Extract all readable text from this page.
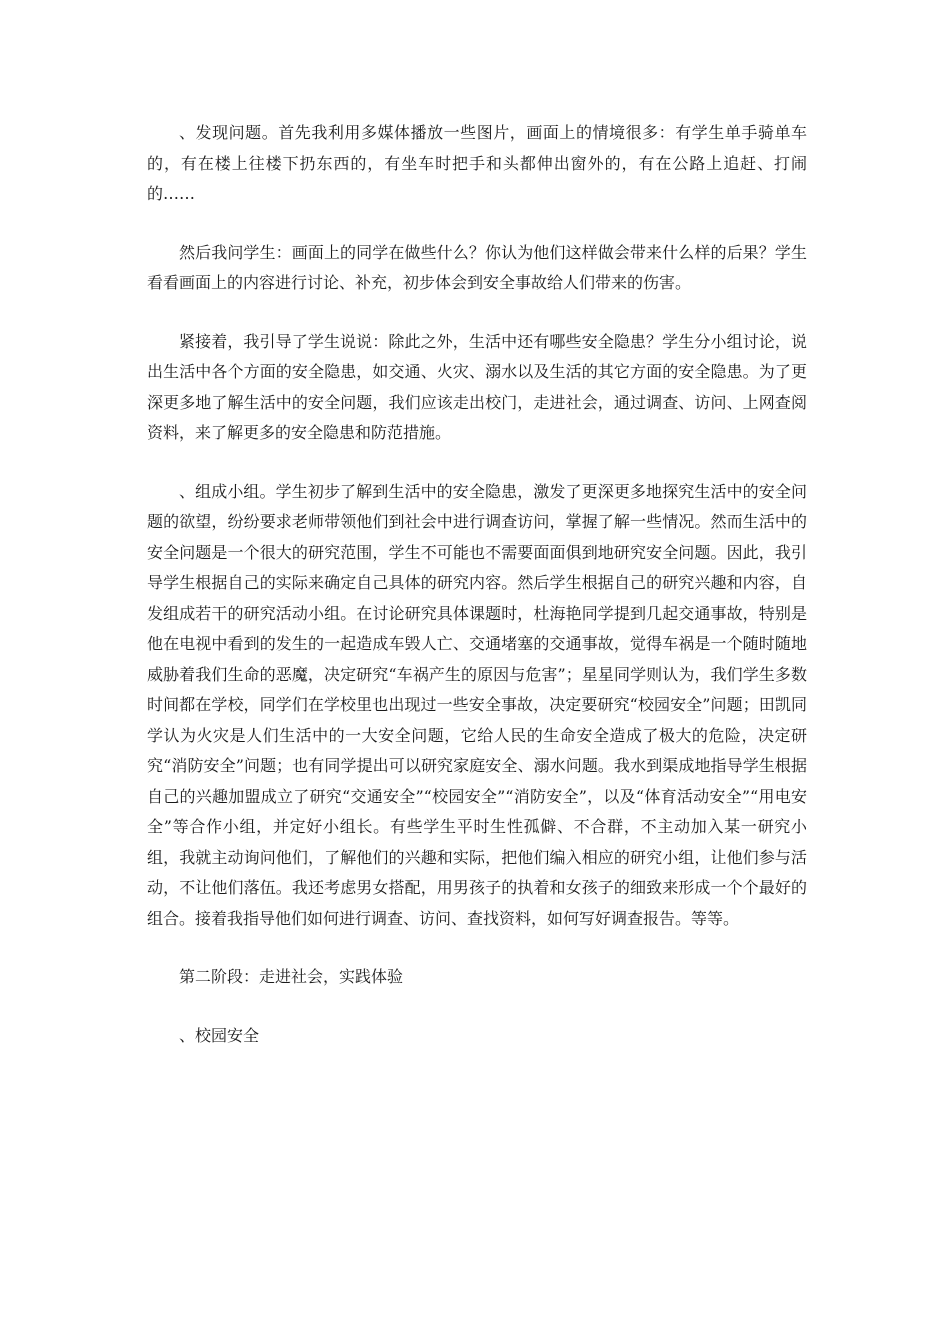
、发现问题。首先我利用多媒体播放一些图片，画面上的情境很多：有学生单手骑单车的，有在楼上往楼下扔东西的，有坐车时把手和头都伸出窗外的，有在公路上追赶、打闹的……

然后我问学生：画面上的同学在做些什么？你认为他们这样做会带来什么样的后果？学生看看画面上的内容进行讨论、补充，初步体会到安全事故给人们带来的伤害。

紧接着，我引导了学生说说：除此之外，生活中还有哪些安全隐患？学生分小组讨论，说出生活中各个方面的安全隐患，如交通、火灾、溺水以及生活的其它方面的安全隐患。为了更深更多地了解生活中的安全问题，我们应该走出校门，走进社会，通过调查、访问、上网查阅资料，来了解更多的安全隐患和防范措施。

、组成小组。学生初步了解到生活中的安全隐患，激发了更深更多地探究生活中的安全问题的欲望，纷纷要求老师带领他们到社会中进行调查访问，掌握了解一些情况。然而生活中的安全问题是一个很大的研究范围，学生不可能也不需要面面俱到地研究安全问题。因此，我引导学生根据自己的实际来确定自己具体的研究内容。然后学生根据自己的研究兴趣和内容，自发组成若干的研究活动小组。在讨论研究具体课题时，杜海艳同学提到几起交通事故，特别是他在电视中看到的发生的一起造成车毁人亡、交通堵塞的交通事故，觉得车祸是一个随时随地威胁着我们生命的恶魔，决定研究“车祸产生的原因与危害”；星星同学则认为，我们学生多数时间都在学校，同学们在学校里也出现过一些安全事故，决定要研究“校园安全”问题；田凯同学认为火灾是人们生活中的一大安全问题，它给人民的生命安全造成了极大的危险，决定研究“消防安全”问题；也有同学提出可以研究家庭安全、溺水问题。我水到渠成地指导学生根据自己的兴趣加盟成立了研究“交通安全”“校园安全”“消防安全”，以及“体育活动安全”“用电安全”等合作小组，并定好小组长。有些学生平时生性孤僻、不合群，不主动加入某一研究小组，我就主动询问他们，了解他们的兴趣和实际，把他们编入相应的研究小组，让他们参与活动，不让他们落伍。我还考虑男女搭配，用男孩子的执着和女孩子的细致来形成一个个最好的组合。接着我指导他们如何进行调查、访问、查找资料，如何写好调查报告。等等。

第二阶段：走进社会，实践体验

、校园安全
